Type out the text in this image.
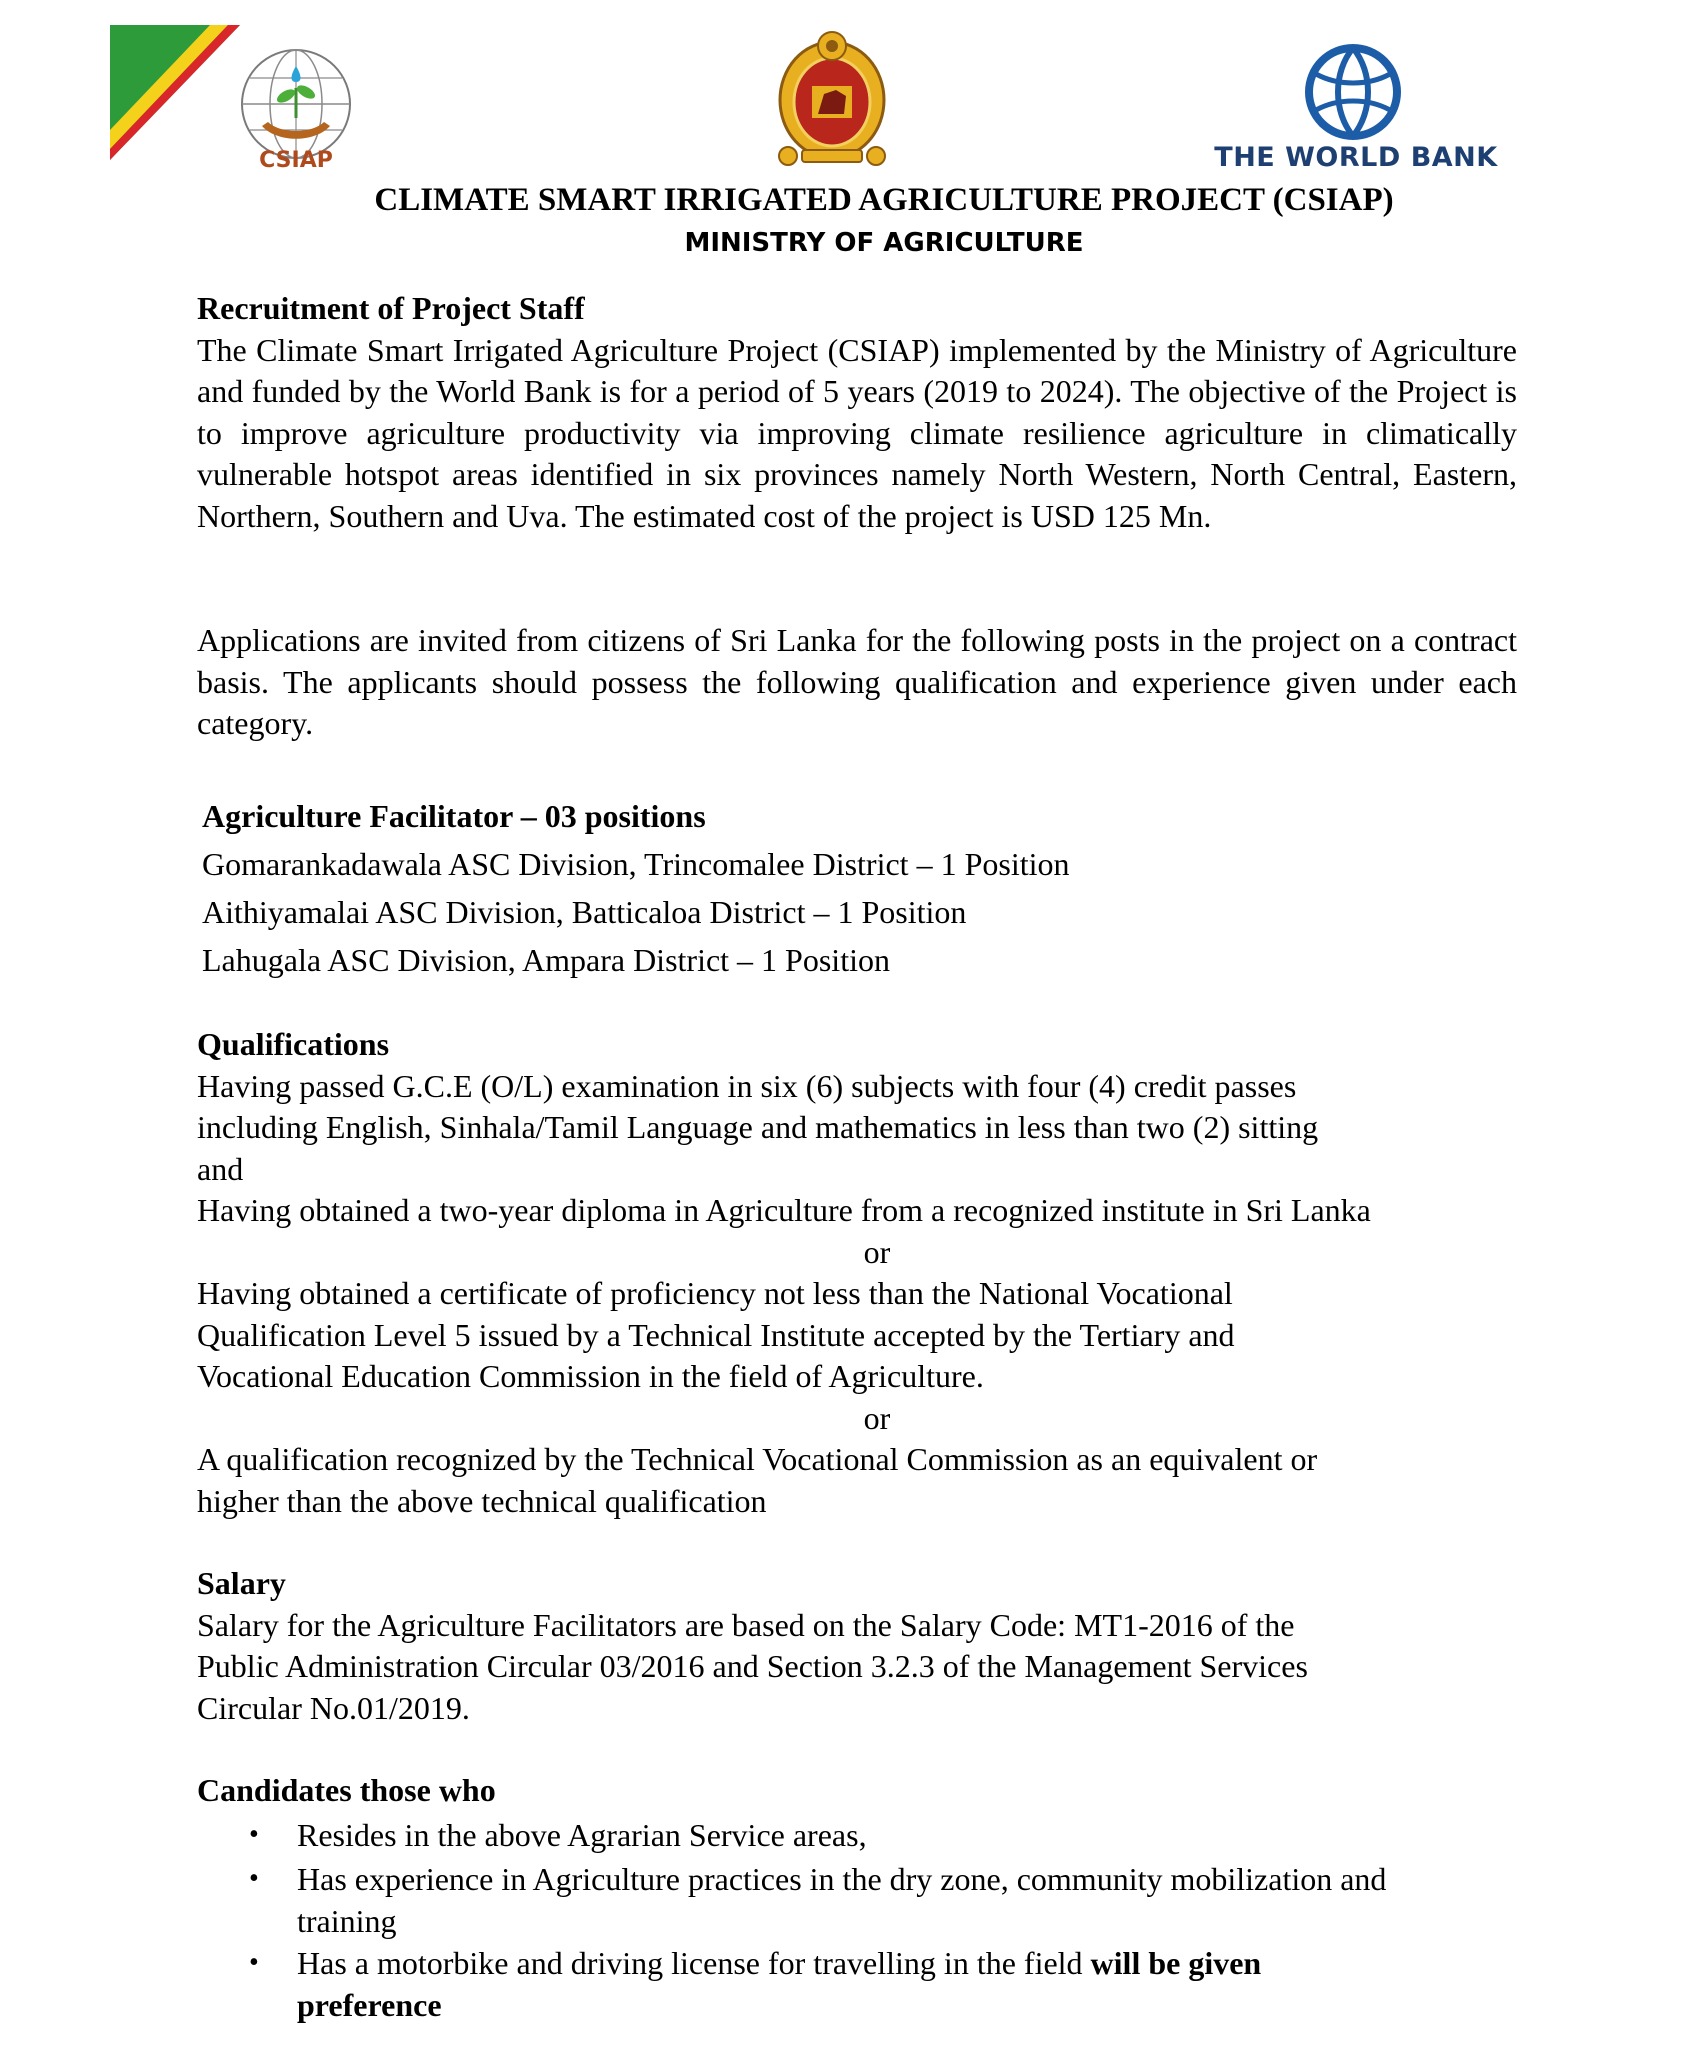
CSIAP	THE WORLD BANK
CLIMATE SMART IRRIGATED AGRICULTURE PROJECT (CSIAP)
MINISTRY OF AGRICULTURE
Recruitment of Project Staff
The Climate Smart Irrigated Agriculture Project (CSIAP) implemented by the Ministry of Agriculture and funded by the World Bank is for a period of 5 years (2019 to 2024). The objective of the Project is to improve agriculture productivity via improving climate resilience agriculture in climatically vulnerable hotspot areas identified in six provinces namely North Western, North Central, Eastern, Northern, Southern and Uva. The estimated cost of the project is USD 125 Mn.
Applications are invited from citizens of Sri Lanka for the following posts in the project on a contract basis. The applicants should possess the following qualification and experience given under each category.
Agriculture Facilitator – 03 positions
Gomarankadawala ASC Division, Trincomalee District – 1 Position
Aithiyamalai ASC Division, Batticaloa District – 1 Position
Lahugala ASC Division, Ampara District – 1 Position
Qualifications
Having passed G.C.E (O/L) examination in six (6) subjects with four (4) credit passes
including English, Sinhala/Tamil Language and mathematics in less than two (2) sitting
and
Having obtained a two-year diploma in Agriculture from a recognized institute in Sri Lanka
or
Having obtained a certificate of proficiency not less than the National Vocational
Qualification Level 5 issued by a Technical Institute accepted by the Tertiary and
Vocational Education Commission in the field of Agriculture.
or
A qualification recognized by the Technical Vocational Commission as an equivalent or
higher than the above technical qualification
Salary
Salary for the Agriculture Facilitators are based on the Salary Code: MT1-2016 of the
Public Administration Circular 03/2016 and Section 3.2.3 of the Management Services
Circular No.01/2019.
Candidates those who
• Resides in the above Agrarian Service areas,
• Has experience in Agriculture practices in the dry zone, community mobilization and
training
• Has a motorbike and driving license for travelling in the field will be given
preference
